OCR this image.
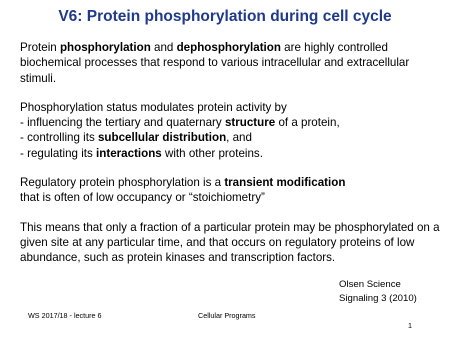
V6: Protein phosphorylation during cell cycle

Protein phosphorylation and dephosphorylation are highly controlled biochemical processes that respond to various intracellular and extracellular stimuli.

Phosphorylation status modulates protein activity by
- influencing the tertiary and quaternary structure of a protein,
- controlling its subcellular distribution, and
- regulating its interactions with other proteins.

Regulatory protein phosphorylation is a transient modification
that is often of low occupancy or “stoichiometry”

This means that only a fraction of a particular protein may be phosphorylated on a given site at any particular time, and that occurs on regulatory proteins of low abundance, such as protein kinases and transcription factors.

Olsen Science
Signaling 3 (2010)
WS 2017/18 - lecture 6	Cellular Programs
1
